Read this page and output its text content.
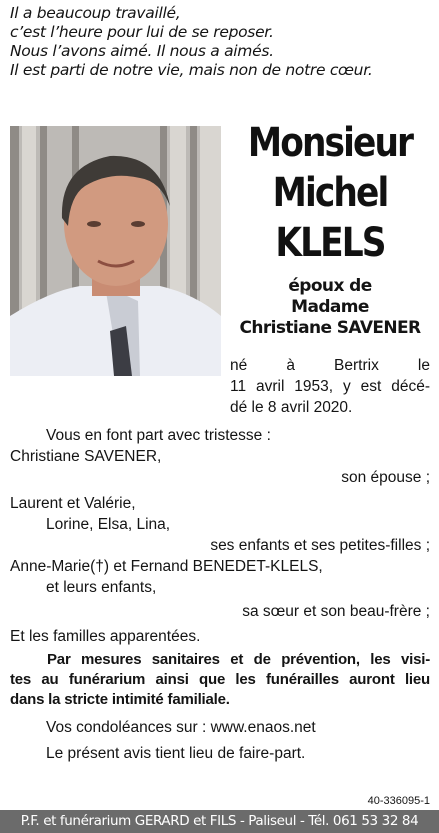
Il a beaucoup travaillé,
c’est l’heure pour lui de se reposer.
Nous l’avons aimé. Il nous a aimés.
Il est parti de notre vie, mais non de notre cœur.
Monsieur
Michel
KLELS
époux de
Madame
Christiane SAVENER
né à Bertrix le
11 avril 1953, y est décé-
dé le 8 avril 2020.
Vous en font part avec tristesse :
Christiane SAVENER,
son épouse ;
Laurent et Valérie,
Lorine, Elsa, Lina,
ses enfants et ses petites-filles ;
Anne-Marie(†) et Fernand BENEDET-KLELS,
et leurs enfants,
sa sœur et son beau-frère ;
Et les familles apparentées.
Par mesures sanitaires et de prévention, les visi-
tes au funérarium ainsi que les funérailles auront lieu
dans la stricte intimité familiale.
Vos condoléances sur : www.enaos.net
Le présent avis tient lieu de faire-part.
40-336095-1
P.F. et funérarium GERARD et FILS - Paliseul - Tél. 061 53 32 84
